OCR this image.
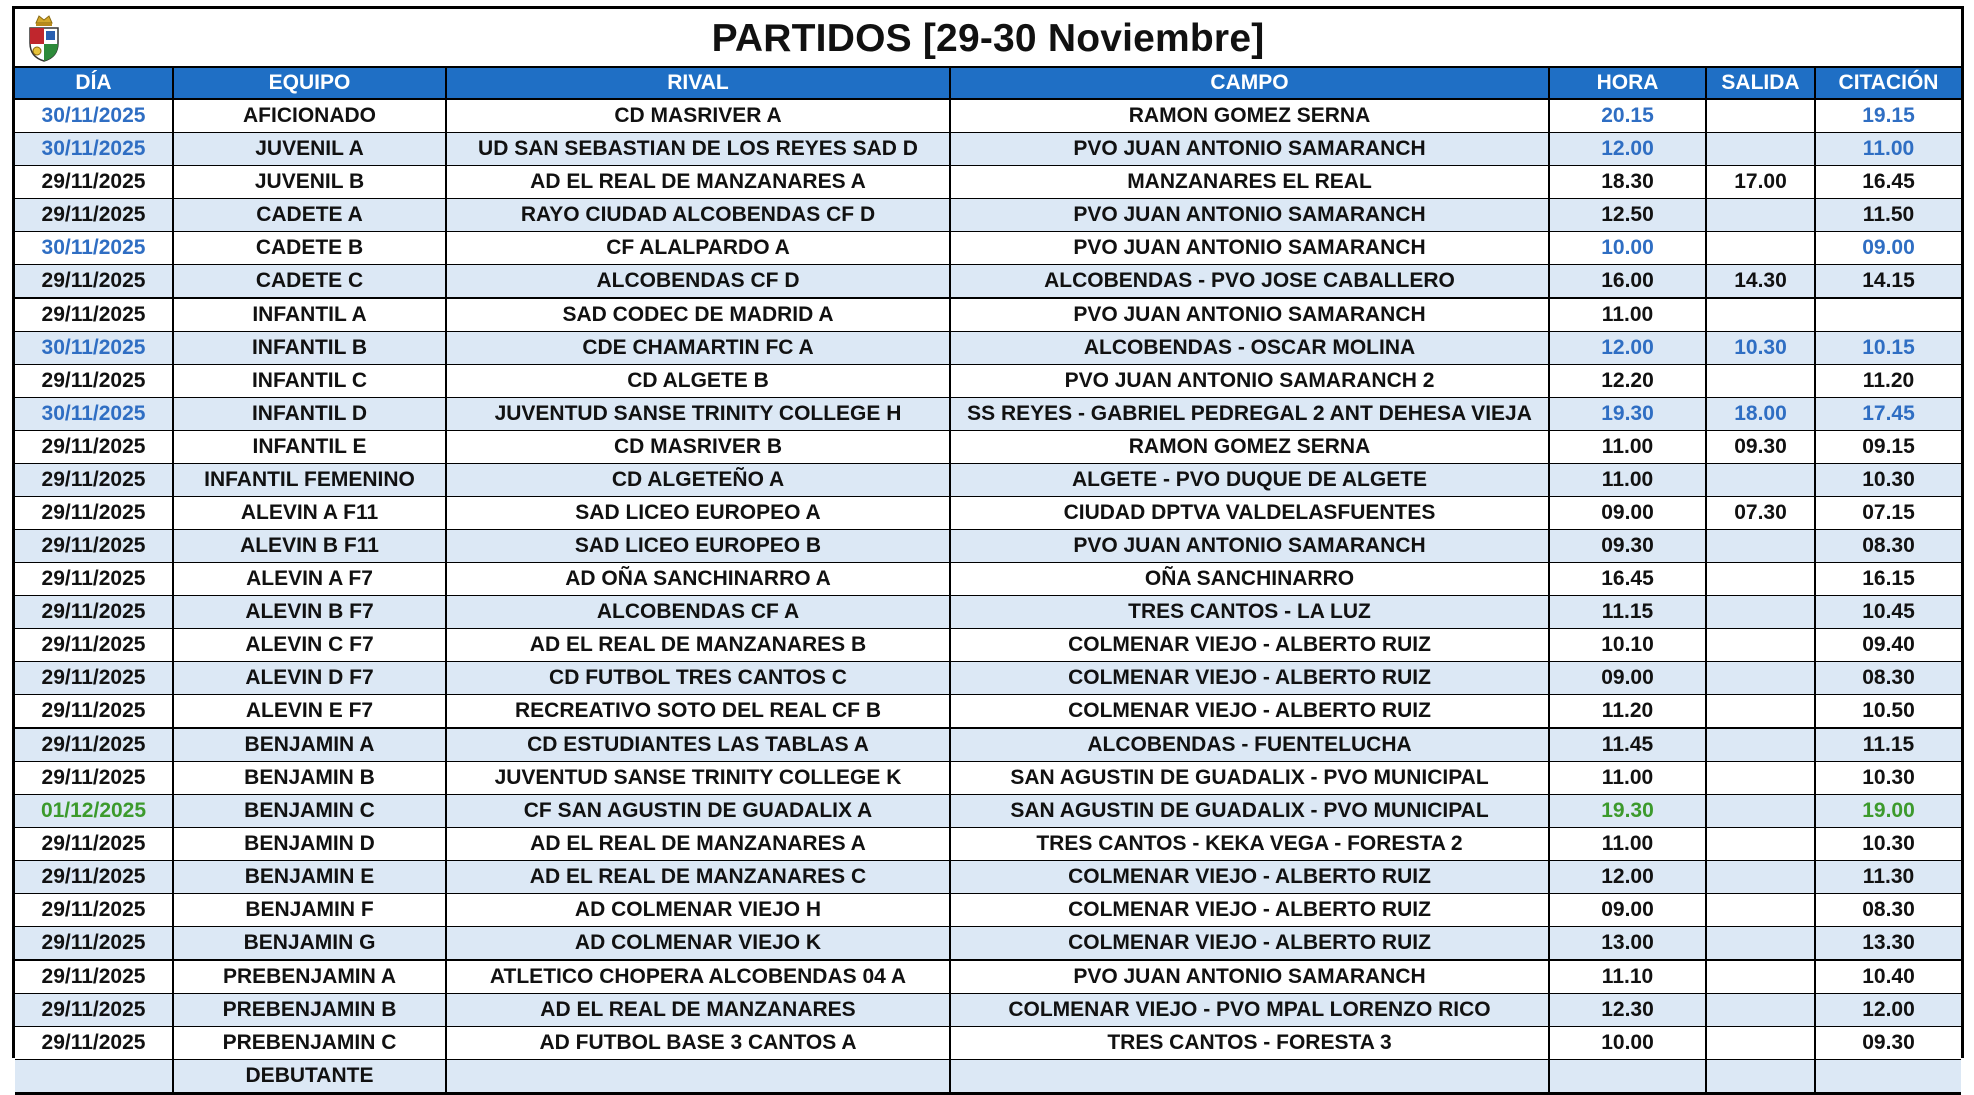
PARTIDOS [29-30 Noviembre]
DÍA	EQUIPO	RIVAL	CAMPO	HORA	SALIDA	CITACIÓN
30/11/2025	AFICIONADO	CD MASRIVER A	RAMON GOMEZ SERNA	20.15		19.15
30/11/2025	JUVENIL A	UD SAN SEBASTIAN DE LOS REYES SAD D	PVO JUAN ANTONIO SAMARANCH	12.00		11.00
29/11/2025	JUVENIL B	AD EL REAL DE MANZANARES A	MANZANARES EL REAL	18.30	17.00	16.45
29/11/2025	CADETE A	RAYO CIUDAD ALCOBENDAS CF D	PVO JUAN ANTONIO SAMARANCH	12.50		11.50
30/11/2025	CADETE B	CF ALALPARDO A	PVO JUAN ANTONIO SAMARANCH	10.00		09.00
29/11/2025	CADETE C	ALCOBENDAS CF D	ALCOBENDAS - PVO JOSE CABALLERO	16.00	14.30	14.15
29/11/2025	INFANTIL A	SAD CODEC DE MADRID A	PVO JUAN ANTONIO SAMARANCH	11.00		
30/11/2025	INFANTIL B	CDE CHAMARTIN FC A	ALCOBENDAS - OSCAR MOLINA	12.00	10.30	10.15
29/11/2025	INFANTIL C	CD ALGETE B	PVO JUAN ANTONIO SAMARANCH 2	12.20		11.20
30/11/2025	INFANTIL D	JUVENTUD SANSE TRINITY COLLEGE H	SS REYES - GABRIEL PEDREGAL 2 ANT DEHESA VIEJA	19.30	18.00	17.45
29/11/2025	INFANTIL E	CD MASRIVER B	RAMON GOMEZ SERNA	11.00	09.30	09.15
29/11/2025	INFANTIL FEMENINO	CD ALGETEÑO A	ALGETE - PVO DUQUE DE ALGETE	11.00		10.30
29/11/2025	ALEVIN A F11	SAD LICEO EUROPEO A	CIUDAD DPTVA VALDELASFUENTES	09.00	07.30	07.15
29/11/2025	ALEVIN B F11	SAD LICEO EUROPEO B	PVO JUAN ANTONIO SAMARANCH	09.30		08.30
29/11/2025	ALEVIN A F7	AD OÑA SANCHINARRO A	OÑA SANCHINARRO	16.45		16.15
29/11/2025	ALEVIN B F7	ALCOBENDAS CF A	TRES CANTOS - LA LUZ	11.15		10.45
29/11/2025	ALEVIN C F7	AD EL REAL DE MANZANARES B	COLMENAR VIEJO - ALBERTO RUIZ	10.10		09.40
29/11/2025	ALEVIN D F7	CD FUTBOL TRES CANTOS C	COLMENAR VIEJO - ALBERTO RUIZ	09.00		08.30
29/11/2025	ALEVIN E F7	RECREATIVO SOTO DEL REAL CF B	COLMENAR VIEJO - ALBERTO RUIZ	11.20		10.50
29/11/2025	BENJAMIN A	CD ESTUDIANTES LAS TABLAS A	ALCOBENDAS - FUENTELUCHA	11.45		11.15
29/11/2025	BENJAMIN B	JUVENTUD SANSE TRINITY COLLEGE K	SAN AGUSTIN DE GUADALIX - PVO MUNICIPAL	11.00		10.30
01/12/2025	BENJAMIN C	CF SAN AGUSTIN DE GUADALIX A	SAN AGUSTIN DE GUADALIX - PVO MUNICIPAL	19.30		19.00
29/11/2025	BENJAMIN D	AD EL REAL DE MANZANARES A	TRES CANTOS - KEKA VEGA - FORESTA 2	11.00		10.30
29/11/2025	BENJAMIN E	AD EL REAL DE MANZANARES C	COLMENAR VIEJO - ALBERTO RUIZ	12.00		11.30
29/11/2025	BENJAMIN F	AD COLMENAR VIEJO H	COLMENAR VIEJO - ALBERTO RUIZ	09.00		08.30
29/11/2025	BENJAMIN G	AD COLMENAR VIEJO K	COLMENAR VIEJO - ALBERTO RUIZ	13.00		13.30
29/11/2025	PREBENJAMIN A	ATLETICO CHOPERA ALCOBENDAS 04 A	PVO JUAN ANTONIO SAMARANCH	11.10		10.40
29/11/2025	PREBENJAMIN B	AD EL REAL DE MANZANARES	COLMENAR VIEJO - PVO MPAL LORENZO RICO	12.30		12.00
29/11/2025	PREBENJAMIN C	AD FUTBOL BASE 3 CANTOS A	TRES CANTOS - FORESTA 3	10.00		09.30
	DEBUTANTE					
